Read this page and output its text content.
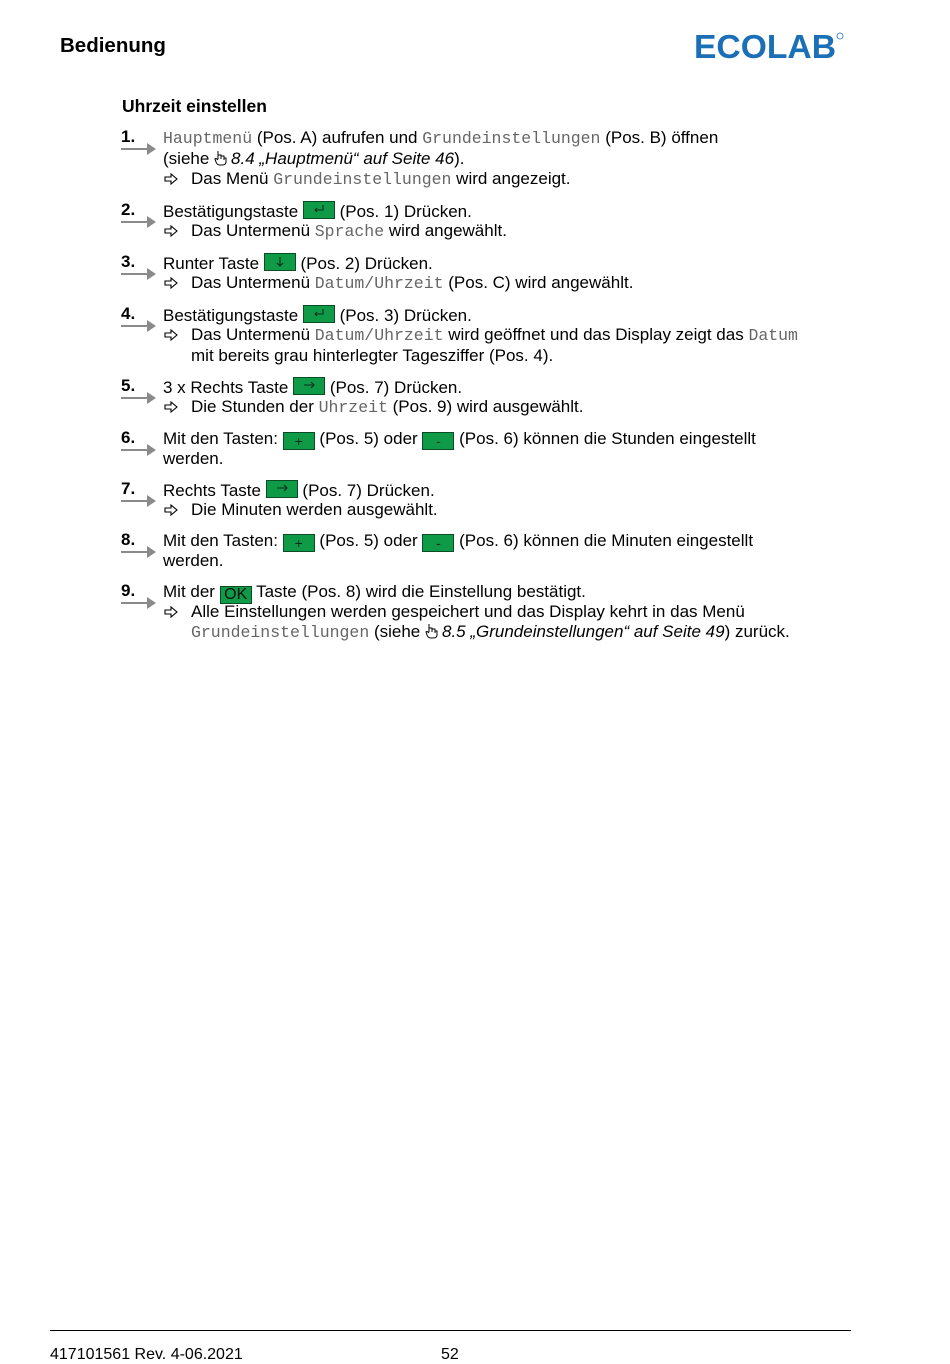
Bedienung	ECOLAB
Uhrzeit einstellen
1. Hauptmenü (Pos. A) aufrufen und Grundeinstellungen (Pos. B) öffnen
(siehe 8.4 „Hauptmenü“ auf Seite 46).
Das Menü Grundeinstellungen wird angezeigt.
2. Bestätigungstaste
(Pos. 1) Drücken.
Das Untermenü Sprache wird angewählt.
3. Runter Taste
(Pos. 2) Drücken.
Das Untermenü Datum/Uhrzeit (Pos. C) wird angewählt.
4. Bestätigungstaste
(Pos. 3) Drücken.
Das Untermenü Datum/Uhrzeit wird geöffnet und das Display zeigt das Datum
mit bereits grau hinterlegter Tagesziffer (Pos. 4).
5. 3 x Rechts Taste
(Pos. 7) Drücken.
Die Stunden der Uhrzeit (Pos. 9) wird ausgewählt.
6. Mit den Tasten: + (Pos. 5) oder - (Pos. 6) können die Stunden eingestellt
werden.
7. Rechts Taste
(Pos. 7) Drücken.
Die Minuten werden ausgewählt.
8. Mit den Tasten: + (Pos. 5) oder - (Pos. 6) können die Minuten eingestellt
werden.
9. Mit der OK Taste (Pos. 8) wird die Einstellung bestätigt.
Alle Einstellungen werden gespeichert und das Display kehrt in das Menü
Grundeinstellungen (siehe 8.5 „Grundeinstellungen“ auf Seite 49) zurück.
417101561 Rev. 4-06.2021	52
